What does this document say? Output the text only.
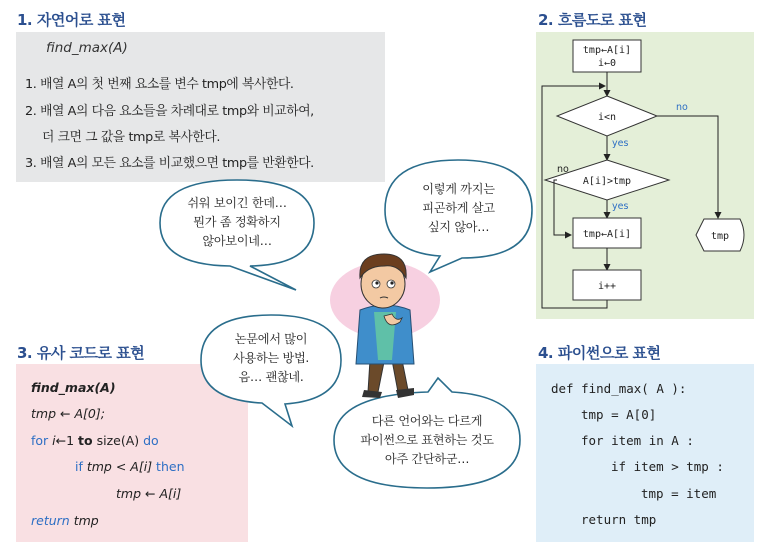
1. 자연어로 표현	2. 흐름도로 표현
3. 유사 코드로 표현	4. 파이썬으로 표현
find_max(A)
1. 배열 A의 첫 번째 요소를 변수 tmp에 복사한다.
2. 배열 A의 다음 요소들을 차례대로 tmp와 비교하여,
더 크면 그 값을 tmp로 복사한다.
3. 배열 A의 모든 요소를 비교했으면 tmp를 반환한다.
tmp←A[i]
i←0
i<n
no
yes
A[i]>tmp
no
yes
tmp←A[i]
i++
tmp
find_max(A)
tmp ← A[0];
for i←1 to size(A) do
if tmp < A[i] then
tmp ← A[i]
return tmp
def find_max( A ):
tmp = A[0]
for item in A :
if item > tmp :
tmp = item
return tmp
쉬워 보이긴 한데…
뭔가 좀 정확하지
않아보이네…
이렇게 까지는
피곤하게 살고
싶지 않아…
논문에서 많이
사용하는 방법.
음… 괜찮네.
다른 언어와는 다르게
파이썬으로 표현하는 것도
아주 간단하군…
